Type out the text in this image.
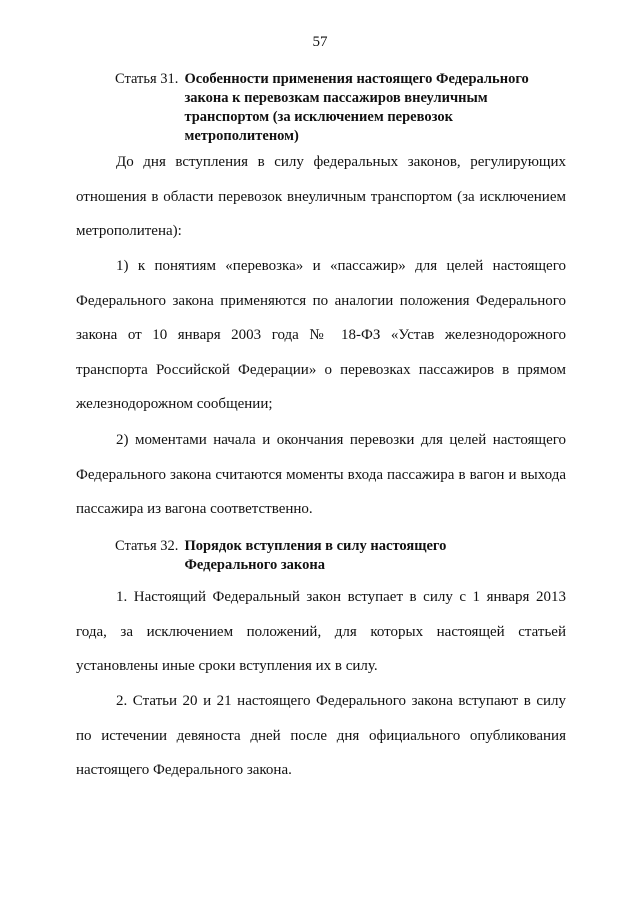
57
Статья 31. Особенности применения настоящего Федерального закона к перевозкам пассажиров внеуличным транспортом (за исключением перевозок метрополитеном)

До дня вступления в силу федеральных законов, регулирующих отношения в области перевозок внеуличным транспортом (за исключением метрополитена):

1) к понятиям «перевозка» и «пассажир» для целей настоящего Федерального закона применяются по аналогии положения Федерального закона от 10 января 2003 года № 18-ФЗ «Устав железнодорожного транспорта Российской Федерации» о перевозках пассажиров в прямом железнодорожном сообщении;

2) моментами начала и окончания перевозки для целей настоящего Федерального закона считаются моменты входа пассажира в вагон и выхода пассажира из вагона соответственно.

Статья 32. Порядок вступления в силу настоящего Федерального закона

1. Настоящий Федеральный закон вступает в силу с 1 января 2013 года, за исключением положений, для которых настоящей статьей установлены иные сроки вступления их в силу.

2. Статьи 20 и 21 настоящего Федерального закона вступают в силу по истечении девяноста дней после дня официального опубликования настоящего Федерального закона.
